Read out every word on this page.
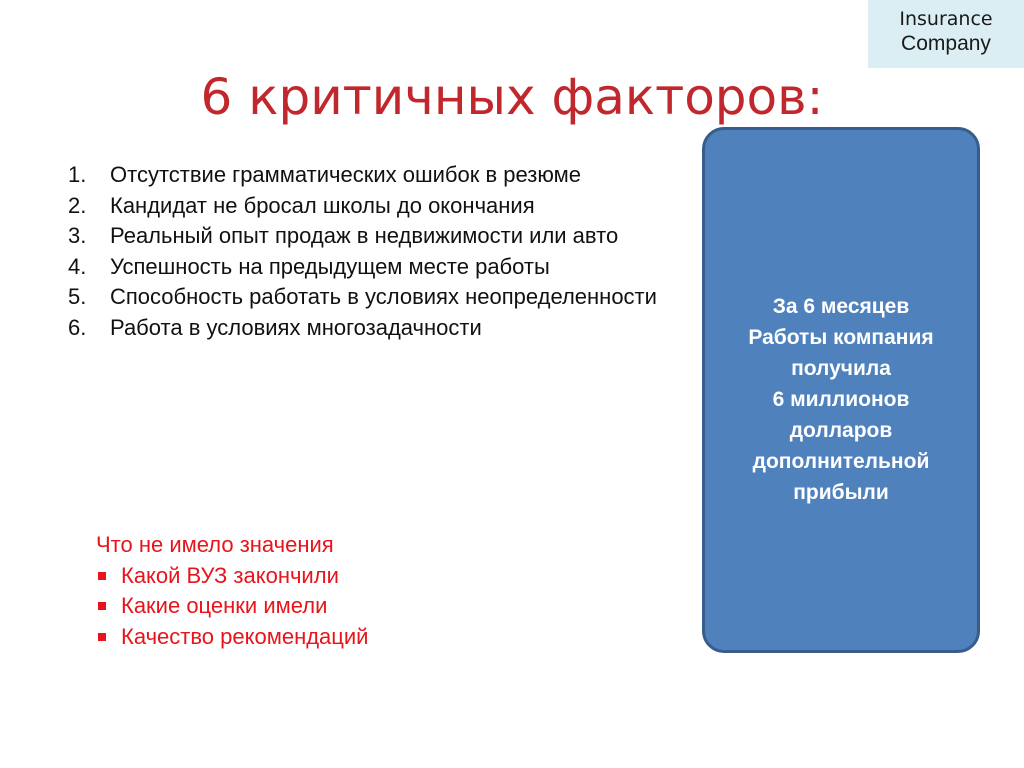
Insurance
Company
6 критичных факторов:
1. Отсутствие грамматических ошибок в резюме
2. Кандидат не бросал школы до окончания
3. Реальный опыт продаж в недвижимости или авто
4. Успешность на предыдущем месте работы
5. Способность работать в условиях неопределенности
6. Работа в условиях многозадачности
За 6 месяцев
Работы компания
получила
6 миллионов
долларов
дополнительной
прибыли
Что не имело значения
Какой ВУЗ закончили
Какие оценки имели
Качество рекомендаций
